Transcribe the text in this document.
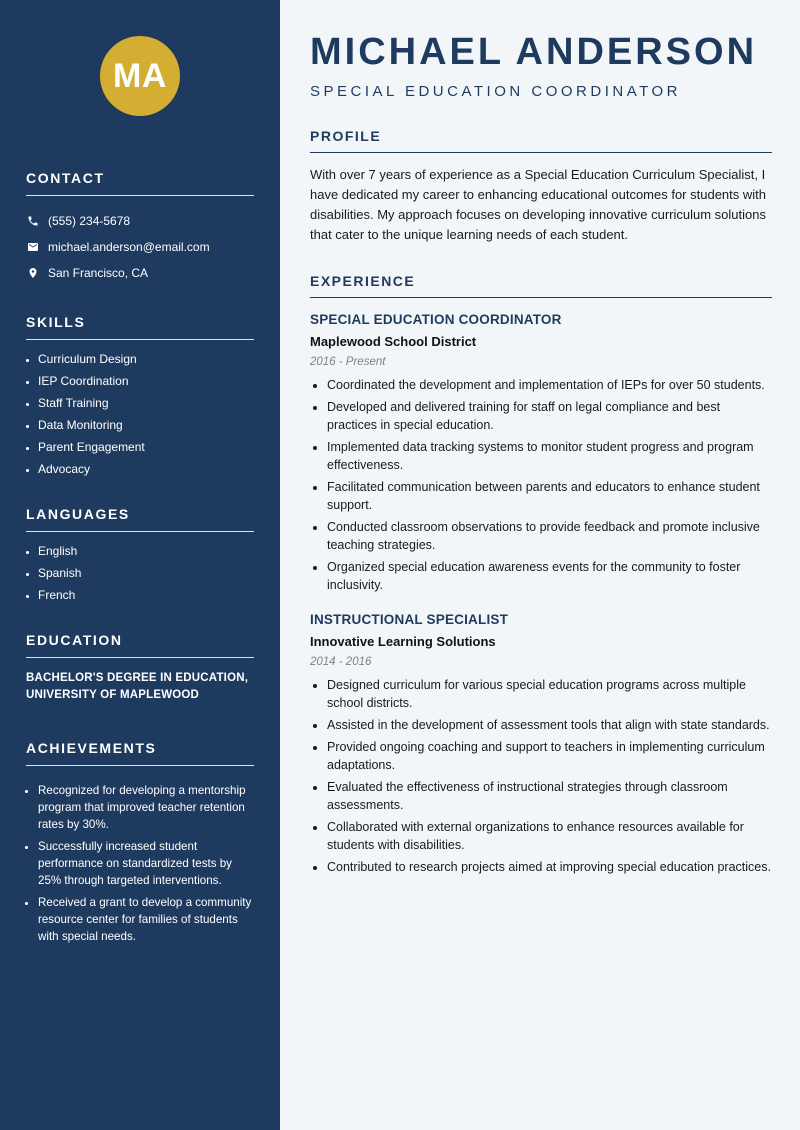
MA
CONTACT
(555) 234-5678
michael.anderson@email.com
San Francisco, CA
SKILLS
• Curriculum Design
• IEP Coordination
• Staff Training
• Data Monitoring
• Parent Engagement
• Advocacy
LANGUAGES
• English
• Spanish
• French
EDUCATION
BACHELOR'S DEGREE IN EDUCATION, UNIVERSITY OF MAPLEWOOD
ACHIEVEMENTS
• Recognized for developing a mentorship program that improved teacher retention rates by 30%.
• Successfully increased student performance on standardized tests by 25% through targeted interventions.
• Received a grant to develop a community resource center for families of students with special needs.
MICHAEL ANDERSON
SPECIAL EDUCATION COORDINATOR
PROFILE
With over 7 years of experience as a Special Education Curriculum Specialist, I have dedicated my career to enhancing educational outcomes for students with disabilities. My approach focuses on developing innovative curriculum solutions that cater to the unique learning needs of each student.
EXPERIENCE
SPECIAL EDUCATION COORDINATOR
Maplewood School District
2016 - Present
• Coordinated the development and implementation of IEPs for over 50 students.
• Developed and delivered training for staff on legal compliance and best practices in special education.
• Implemented data tracking systems to monitor student progress and program effectiveness.
• Facilitated communication between parents and educators to enhance student support.
• Conducted classroom observations to provide feedback and promote inclusive teaching strategies.
• Organized special education awareness events for the community to foster inclusivity.
INSTRUCTIONAL SPECIALIST
Innovative Learning Solutions
2014 - 2016
• Designed curriculum for various special education programs across multiple school districts.
• Assisted in the development of assessment tools that align with state standards.
• Provided ongoing coaching and support to teachers in implementing curriculum adaptations.
• Evaluated the effectiveness of instructional strategies through classroom assessments.
• Collaborated with external organizations to enhance resources available for students with disabilities.
• Contributed to research projects aimed at improving special education practices.
